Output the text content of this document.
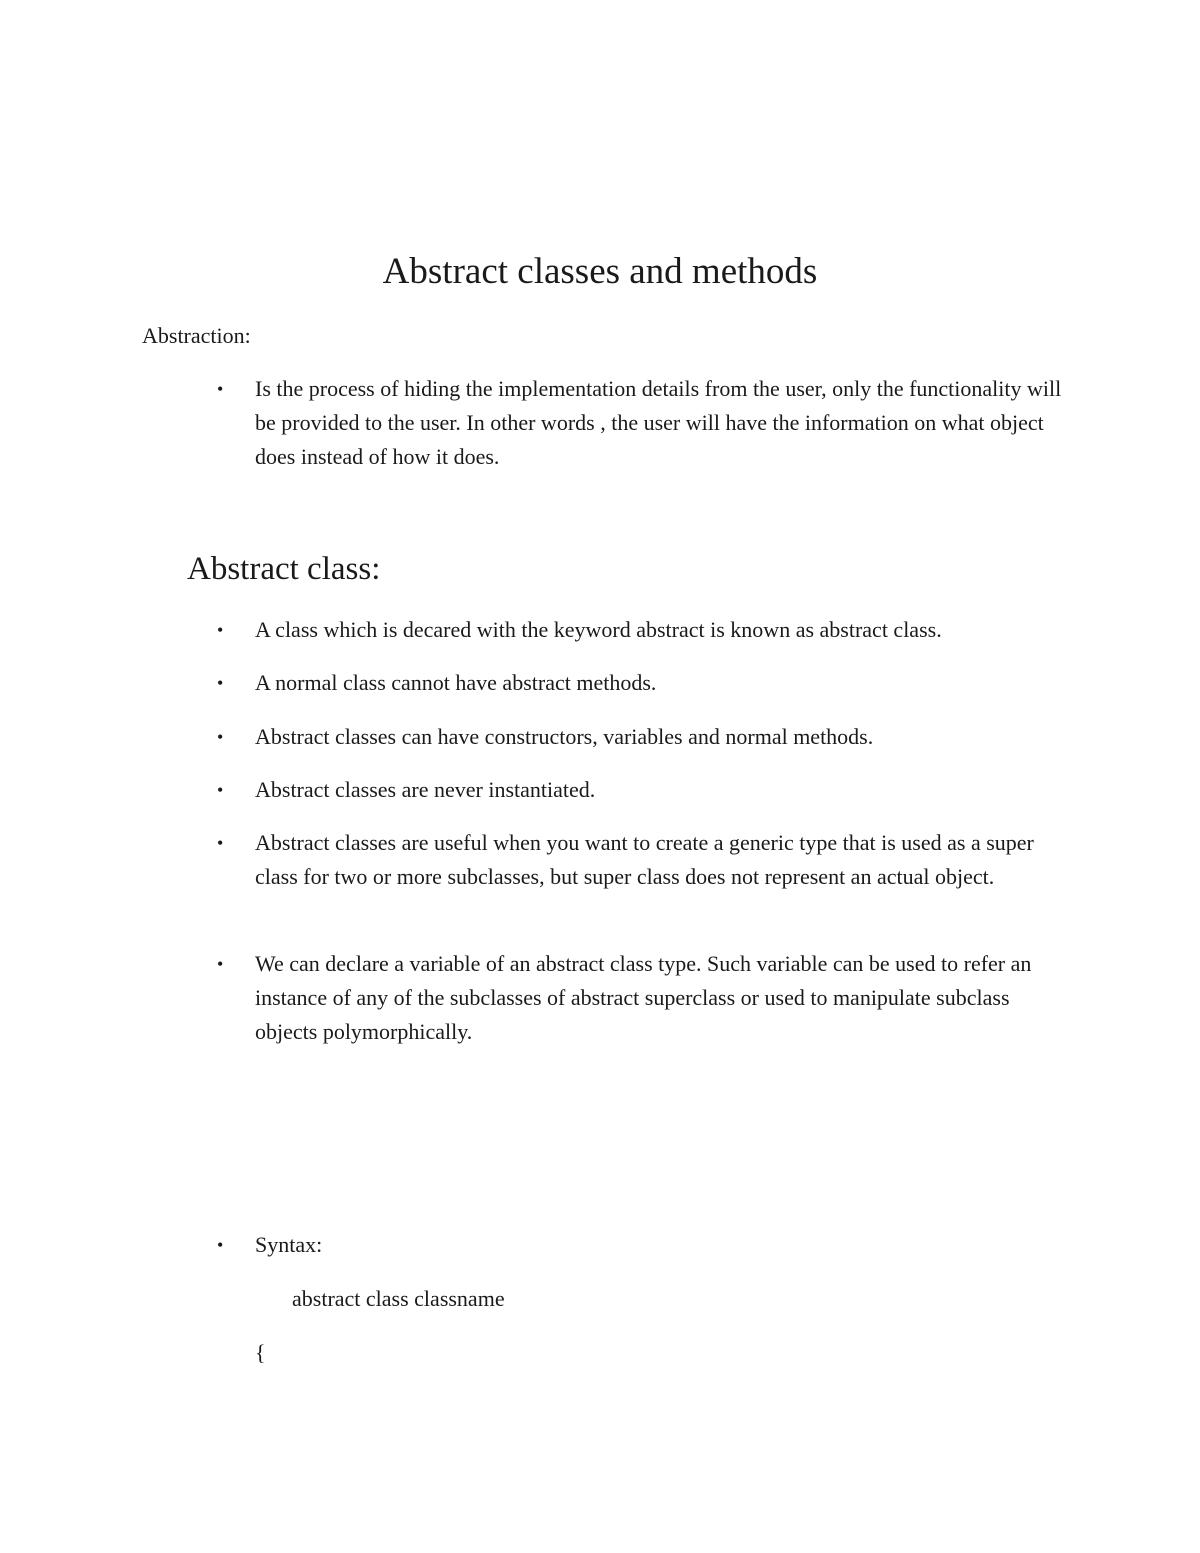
Abstract classes and methods

Abstraction:

•	Is the process of hiding the implementation details from the user, only the functionality will be provided to the user. In other words , the user will have the information on what object does instead of how it does.
Abstract class:
•	A class which is decared with the keyword abstract is known as abstract class.
•	A normal class cannot have abstract methods.
•	Abstract classes can have constructors, variables and normal methods.
•	Abstract classes are never instantiated.
•	Abstract classes are useful when you want to create a generic type that is used as a super class for two or more subclasses, but super class does not represent an actual object.
•	We can declare a variable of an abstract class type. Such variable can be used to refer an instance of any of the subclasses of abstract superclass or used to manipulate subclass objects polymorphically.
•	Syntax:
abstract class classname
{
